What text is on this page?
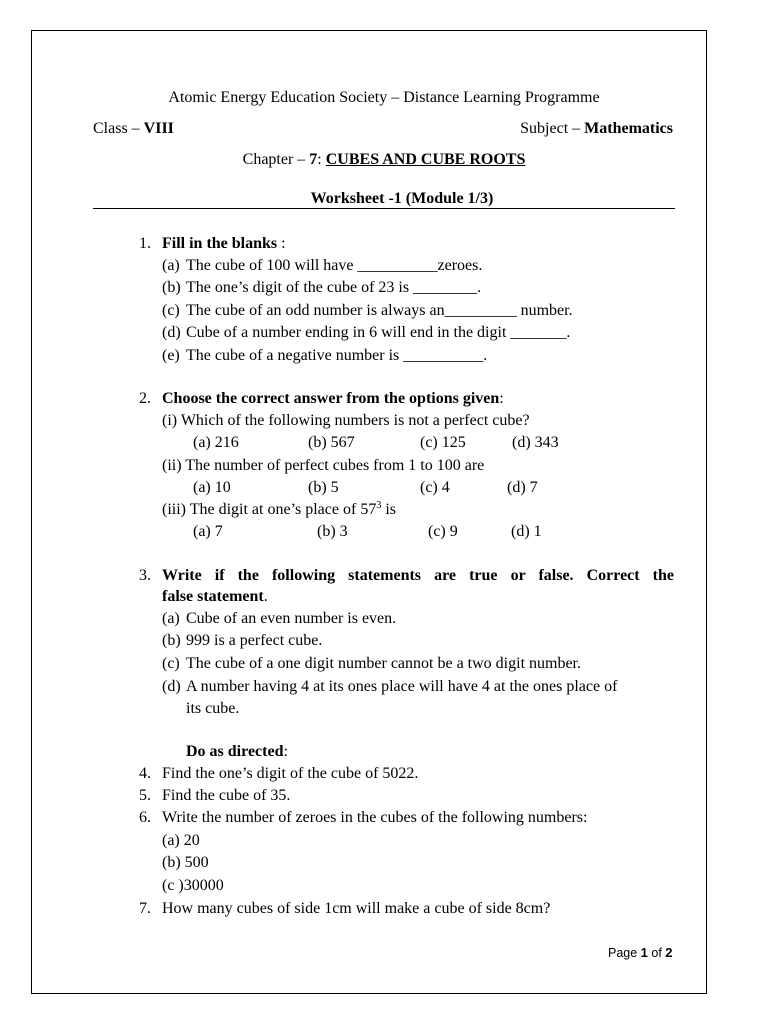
Atomic Energy Education Society – Distance Learning Programme
Class – VIII	Subject – Mathematics
Chapter – 7: CUBES AND CUBE ROOTS
Worksheet -1 (Module 1/3)
1. Fill in the blanks :
(a) The cube of 100 will have __________zeroes.
(b) The one’s digit of the cube of 23 is ________.
(c) The cube of an odd number is always an_________ number.
(d) Cube of a number ending in 6 will end in the digit _______.
(e) The cube of a negative number is __________.
2. Choose the correct answer from the options given:
(i) Which of the following numbers is not a perfect cube?
(a) 216	(b) 567	(c) 125	(d) 343
(ii) The number of perfect cubes from 1 to 100 are
(a) 10	(b) 5	(c) 4	(d) 7
(iii) The digit at one’s place of $57^3$ is
(a) 7	(b) 3	(c) 9	(d) 1
3. Write if the following statements are true or false. Correct the
false statement.
(a) Cube of an even number is even.
(b) 999 is a perfect cube.
(c) The cube of a one digit number cannot be a two digit number.
(d) A number having 4 at its ones place will have 4 at the ones place of
its cube.
Do as directed:
4. Find the one’s digit of the cube of 5022.
5. Find the cube of 35.
6. Write the number of zeroes in the cubes of the following numbers:
(a) 20
(b) 500
(c )30000
7. How many cubes of side 1cm will make a cube of side 8cm?
Page 1 of 2
